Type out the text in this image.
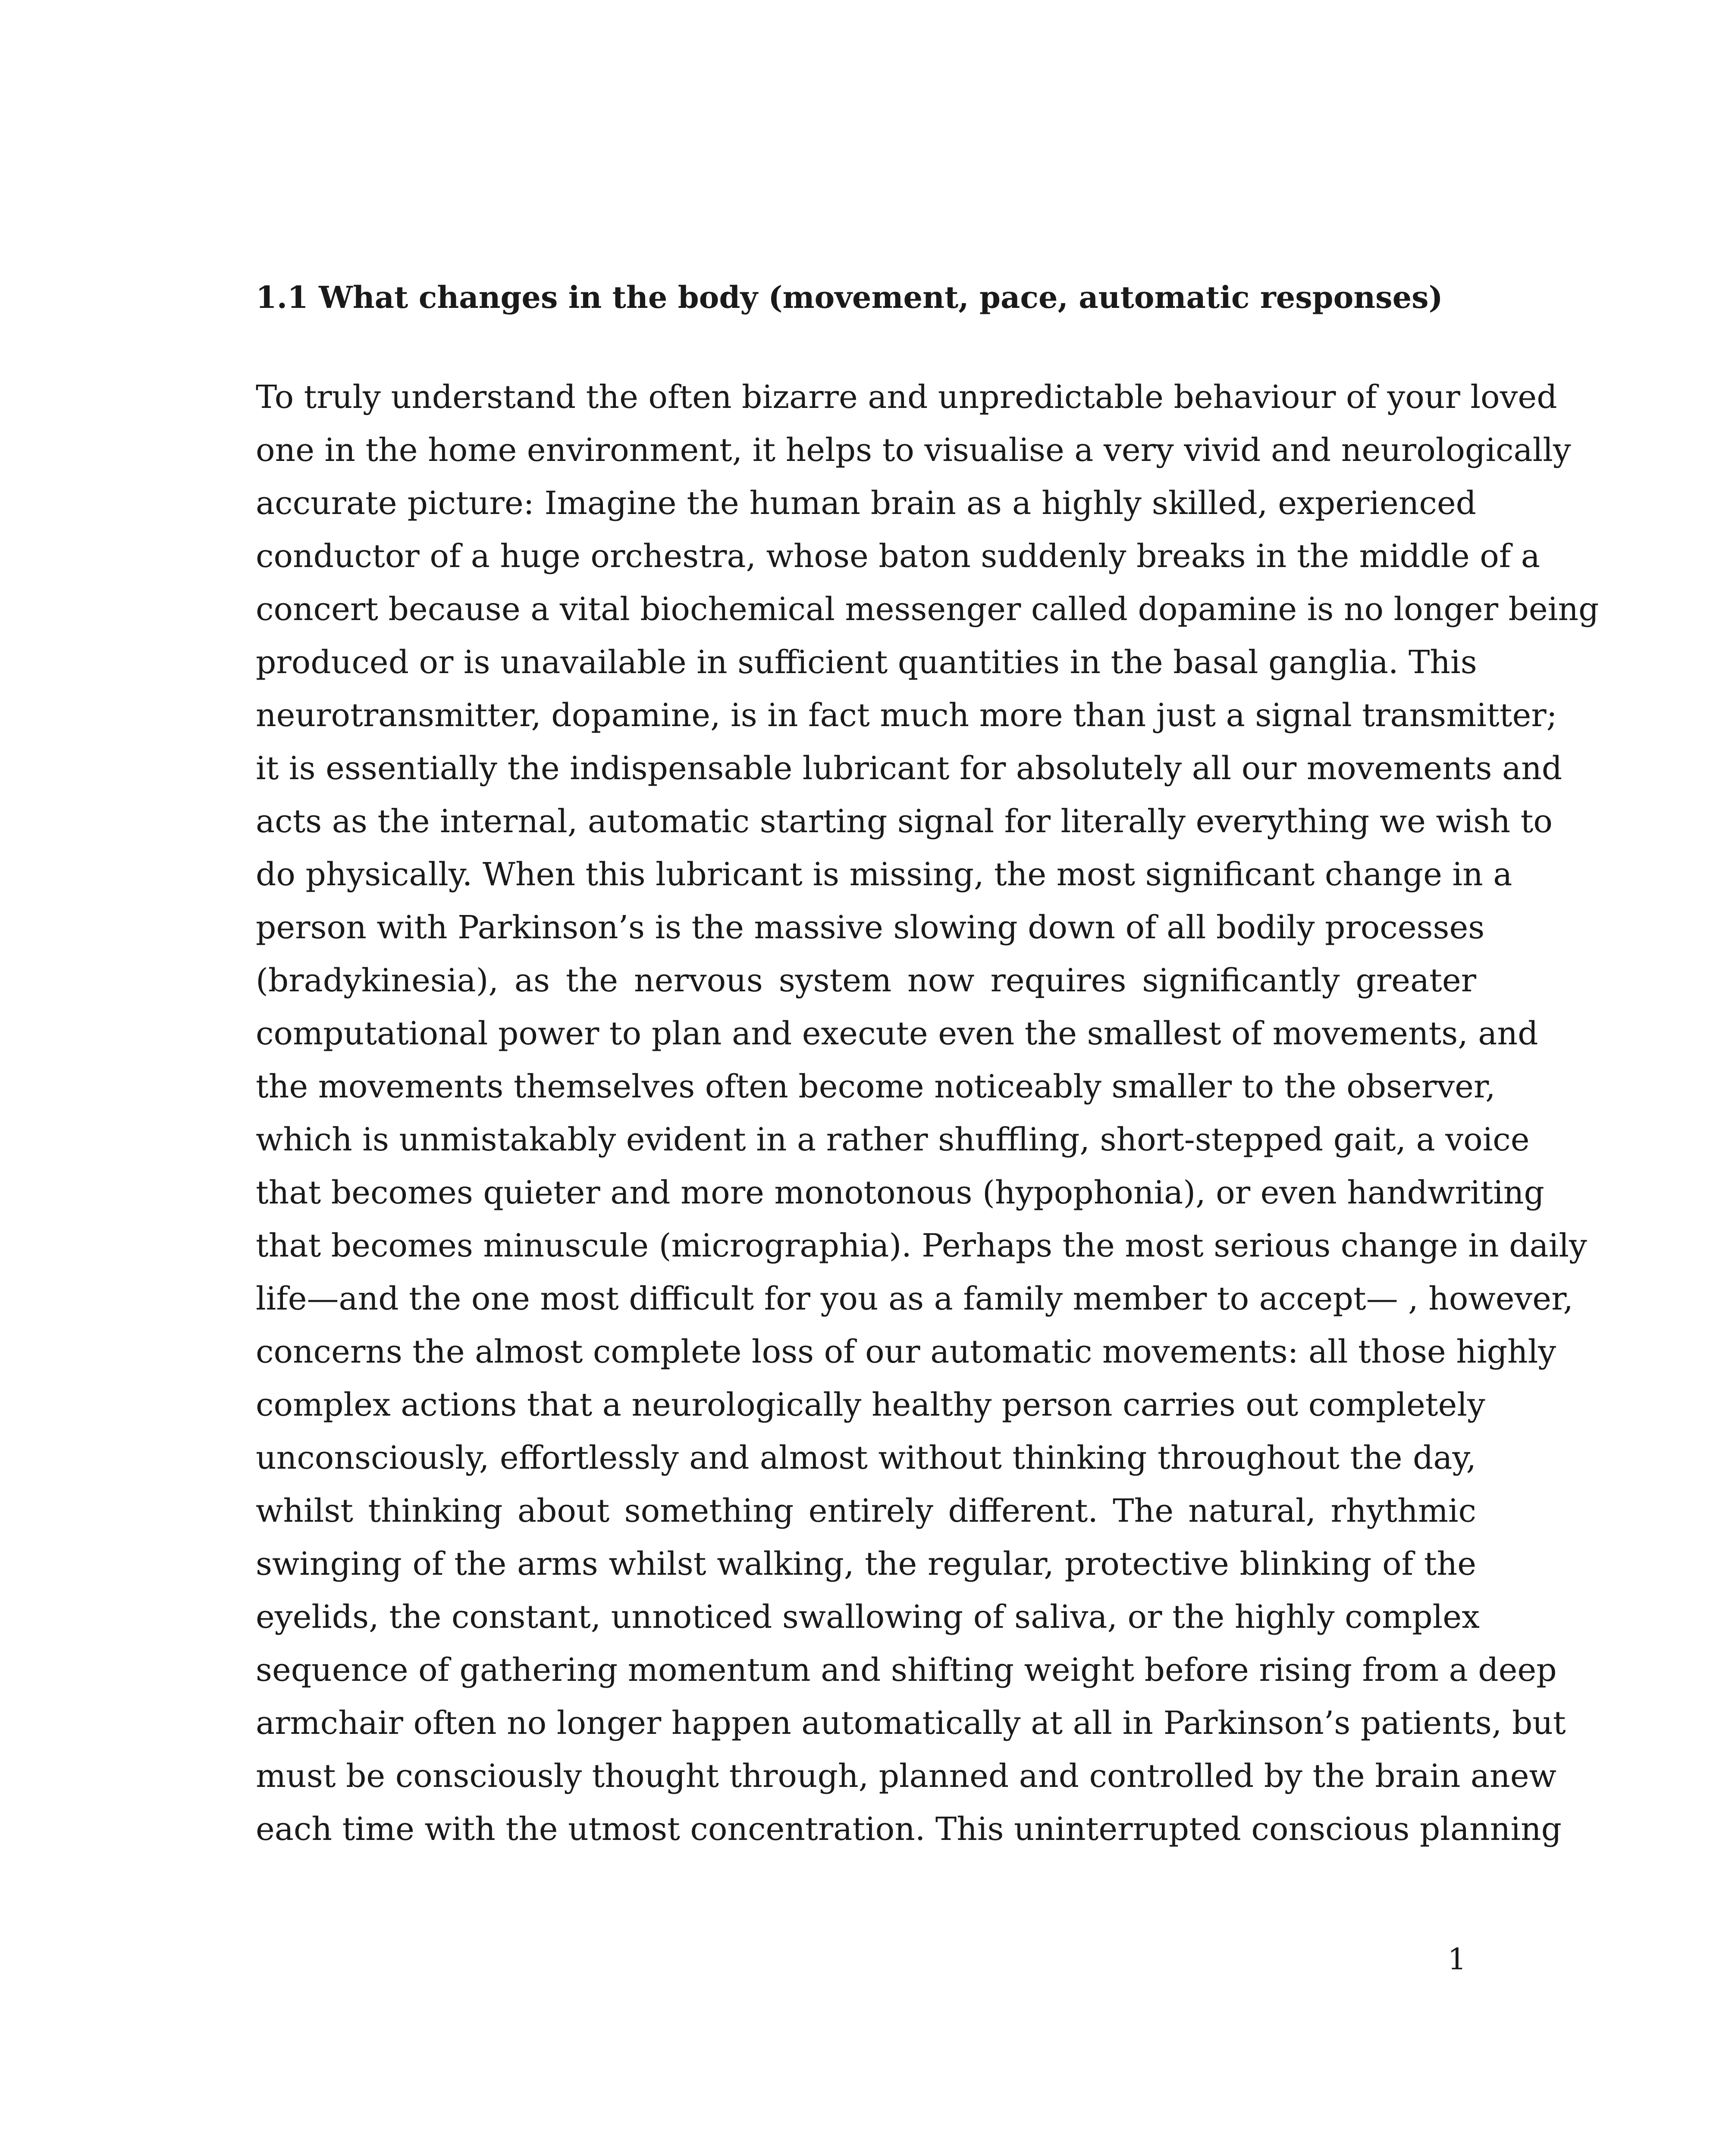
1.1 What changes in the body (movement, pace, automatic responses)
To truly understand the often bizarre and unpredictable behaviour of your loved
one in the home environment, it helps to visualise a very vivid and neurologically
accurate picture: Imagine the human brain as a highly skilled, experienced
conductor of a huge orchestra, whose baton suddenly breaks in the middle of a
concert because a vital biochemical messenger called dopamine is no longer being
produced or is unavailable in sufficient quantities in the basal ganglia. This
neurotransmitter, dopamine, is in fact much more than just a signal transmitter;
it is essentially the indispensable lubricant for absolutely all our movements and
acts as the internal, automatic starting signal for literally everything we wish to
do physically. When this lubricant is missing, the most significant change in a
person with Parkinson’s is the massive slowing down of all bodily processes
(bradykinesia), as the nervous system now requires significantly greater
computational power to plan and execute even the smallest of movements, and
the movements themselves often become noticeably smaller to the observer,
which is unmistakably evident in a rather shuffling, short-stepped gait, a voice
that becomes quieter and more monotonous (hypophonia), or even handwriting
that becomes minuscule (micrographia). Perhaps the most serious change in daily
life—and the one most difficult for you as a family member to accept— , however,
concerns the almost complete loss of our automatic movements: all those highly
complex actions that a neurologically healthy person carries out completely
unconsciously, effortlessly and almost without thinking throughout the day,
whilst thinking about something entirely different. The natural, rhythmic
swinging of the arms whilst walking, the regular, protective blinking of the
eyelids, the constant, unnoticed swallowing of saliva, or the highly complex
sequence of gathering momentum and shifting weight before rising from a deep
armchair often no longer happen automatically at all in Parkinson’s patients, but
must be consciously thought through, planned and controlled by the brain anew
each time with the utmost concentration. This uninterrupted conscious planning
1
